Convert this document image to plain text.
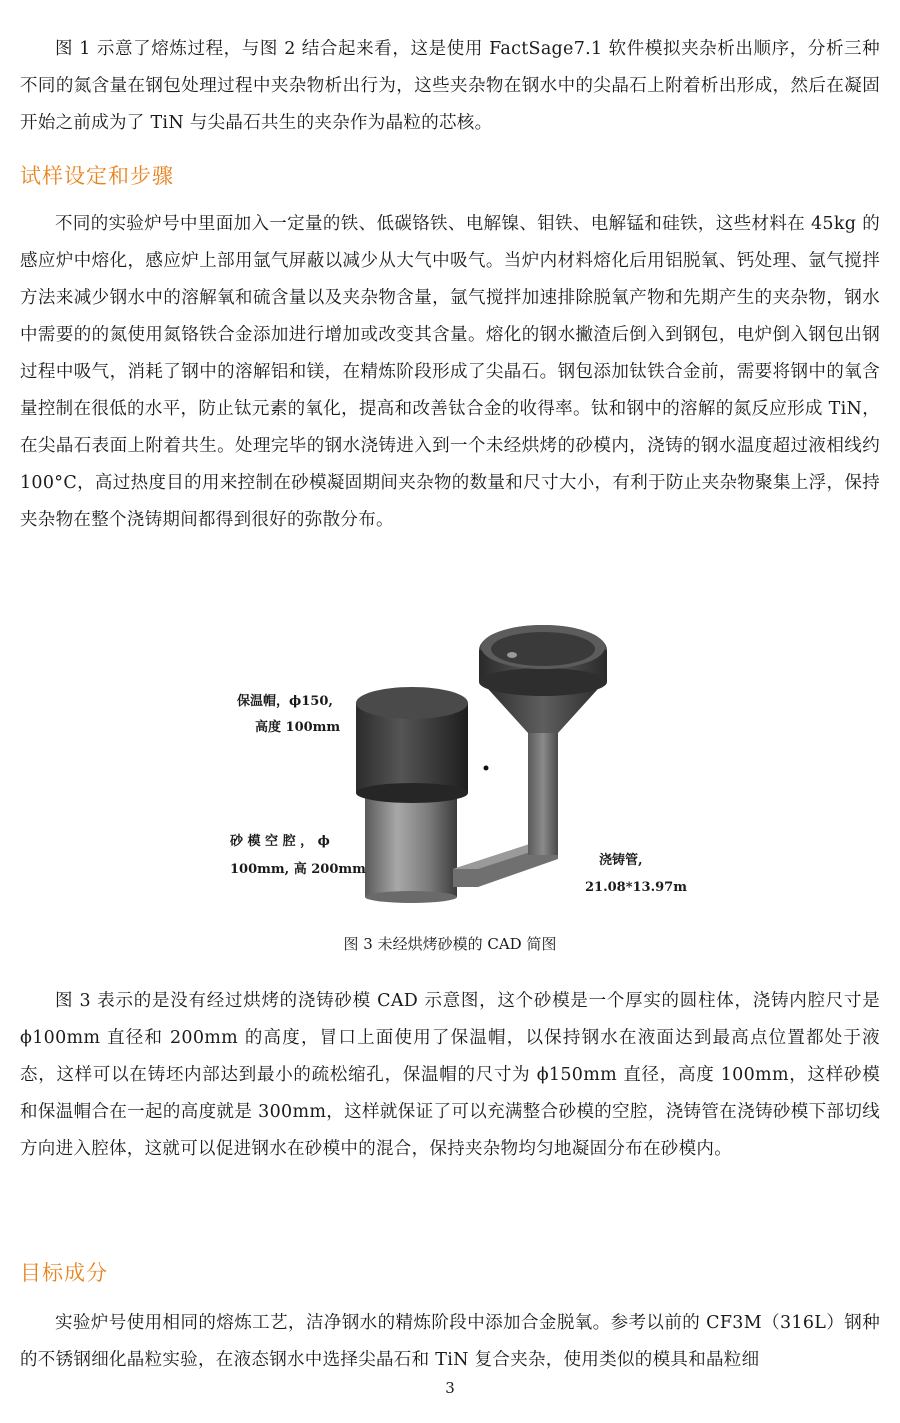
图 1 示意了熔炼过程，与图 2 结合起来看，这是使用 FactSage7.1 软件模拟夹杂析出顺序，分析三种不同的氮含量在钢包处理过程中夹杂物析出行为，这些夹杂物在钢水中的尖晶石上附着析出形成，然后在凝固开始之前成为了 TiN 与尖晶石共生的夹杂作为晶粒的芯核。

试样设定和步骤

不同的实验炉号中里面加入一定量的铁、低碳铬铁、电解镍、钼铁、电解锰和硅铁，这些材料在 45kg 的感应炉中熔化，感应炉上部用氩气屏蔽以减少从大气中吸气。当炉内材料熔化后用铝脱氧、钙处理、氩气搅拌方法来减少钢水中的溶解氧和硫含量以及夹杂物含量，氩气搅拌加速排除脱氧产物和先期产生的夹杂物，钢水中需要的的氮使用氮铬铁合金添加进行增加或改变其含量。熔化的钢水撇渣后倒入到钢包，电炉倒入钢包出钢过程中吸气，消耗了钢中的溶解铝和镁，在精炼阶段形成了尖晶石。钢包添加钛铁合金前，需要将钢中的氧含量控制在很低的水平，防止钛元素的氧化，提高和改善钛合金的收得率。钛和钢中的溶解的氮反应形成 TiN，在尖晶石表面上附着共生。处理完毕的钢水浇铸进入到一个未经烘烤的砂模内，浇铸的钢水温度超过液相线约 100°C，高过热度目的用来控制在砂模凝固期间夹杂物的数量和尺寸大小，有利于防止夹杂物聚集上浮，保持夹杂物在整个浇铸期间都得到很好的弥散分布。

保温帽，ϕ150,
高度 100mm
砂 模 空 腔 ， ϕ
100mm, 高 200mm
浇铸管,
21.08*13.97m

图 3 未经烘烤砂模的 CAD 简图

图 3 表示的是没有经过烘烤的浇铸砂模 CAD 示意图，这个砂模是一个厚实的圆柱体，浇铸内腔尺寸是 ϕ100mm 直径和 200mm 的高度，冒口上面使用了保温帽，以保持钢水在液面达到最高点位置都处于液态，这样可以在铸坯内部达到最小的疏松缩孔，保温帽的尺寸为 ϕ150mm 直径，高度 100mm，这样砂模和保温帽合在一起的高度就是 300mm，这样就保证了可以充满整合砂模的空腔，浇铸管在浇铸砂模下部切线方向进入腔体，这就可以促进钢水在砂模中的混合，保持夹杂物均匀地凝固分布在砂模内。

目标成分

实验炉号使用相同的熔炼工艺，洁净钢水的精炼阶段中添加合金脱氧。参考以前的 CF3M（316L）钢种的不锈钢细化晶粒实验，在液态钢水中选择尖晶石和 TiN 复合夹杂，使用类似的模具和晶粒细

3
